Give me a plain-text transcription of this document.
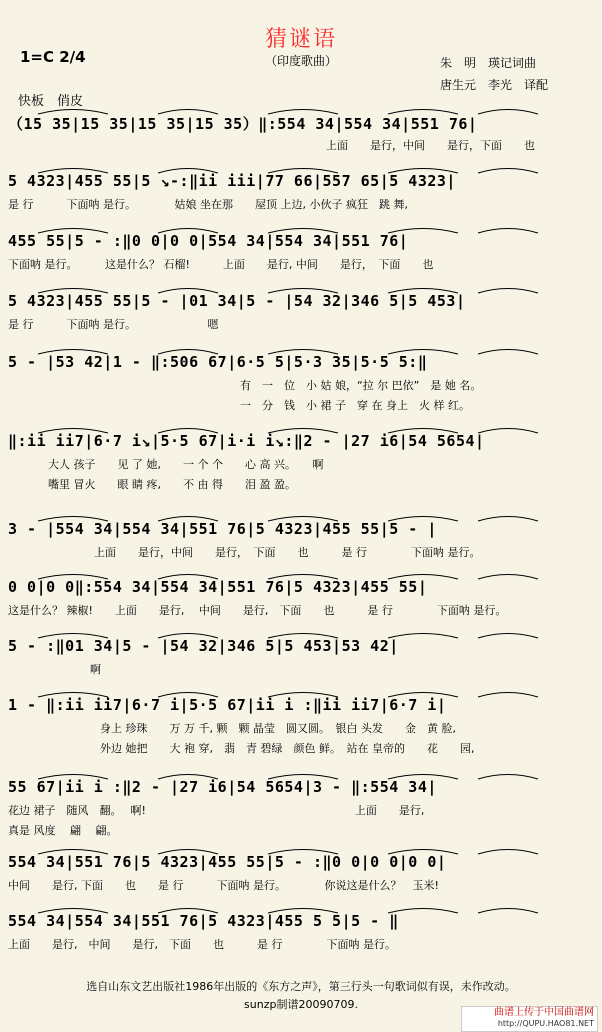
猜谜语
1=C 2/4	（印度歌曲）	朱　明　瑛记词曲
唐生元　李光　译配
快板　俏皮
（15 35|15 35|15 35|15 35）‖:554 34|554 34|551 76|
上面　　是行，中间　　是行，下面　　也
5 4323|455 55|5 ↘-:‖ii iii|77 66|557 65|5 4323|
是 行　　　下面呐 是行。　　　　姑娘 坐在那　　屋顶 上边, 小伙子 疯狂　跳 舞,
455 55|5 - :‖0 0|0 0|554 34|554 34|551 76|
下面呐 是行。　　　这是什么？ 石榴!　　　上面　　是行, 中间　　是行，　下面　　也
5 4323|455 55|5 - |01 34|5 - |54 32|346 5|5 453|
是 行　　　下面呐 是行。　　　　　　　嗯
5 - |53 42|1 - ‖:506 67|6·5 5|5·3 35|5·5 5:‖
有　一　位　小 姑 娘，“拉 尔 巴依”　是 她 名。
一　分　钱　小 裙 子　穿 在 身上　火 样 红。
‖:ii ii7|6·7 i↘|5·5 67|i·i i↘:‖2 - |27 i6|54 5654|
大人 孩子　　见 了 她,　　一 个 个　　心 高 兴。　　啊
嘴里 冒火　　眼 睛 疼,　　不 由 得　　泪 盈 盈。
3 - |554 34|554 34|551 76|5 4323|455 55|5 - |
上面　　是行，中间　　是行，　下面　　也　　　是 行　　　　下面呐 是行。
0 0|0 0‖:554 34|554 34|551 76|5 4323|455 55|
这是什么？ 辣椒!　　上面　　是行, 　中间　　是行,　下面　　也　　　是 行　　　　下面呐 是行。
5 - :‖01 34|5 - |54 32|346 5|5 453|53 42|
啊
1 - ‖:ii ii7|6·7 i|5·5 67|ii i :‖ii ii7|6·7 i|
身上 珍珠　　万 万 千, 颗　颗 晶莹　圆又圆。　银白 头发　　金　黄 脸,
外边 她把　　大 袍 穿,　翡　青 碧绿　颜色 鲜。　站在 皇帝的　　花　　园,
55 67|ii i :‖2 - |27 i6|54 5654|3 - ‖:554 34|
花边 裙子　随风　翻。　 啊!　　　　　　　　　　　　　　　　　　　上面　　是行,
真是 风度　 翩　 翩。
554 34|551 76|5 4323|455 55|5 - :‖0 0|0 0|0 0|
中间　　是行, 下面　　也　　是 行　　　下面呐 是行。　　　　你说这是什么？　玉米!
554 34|554 34|551 76|5 4323|455 5 5|5 - ‖
上面　　是行,　中间　　是行,　下面　　也　　　是 行　　　　下面呐 是行。
选自山东文艺出版社1986年出版的《东方之声》，第三行头一句歌词似有误，未作改动。
sunzp制谱20090709.
曲谱上传于中国曲谱网
http://QUPU.HAO81.NET
